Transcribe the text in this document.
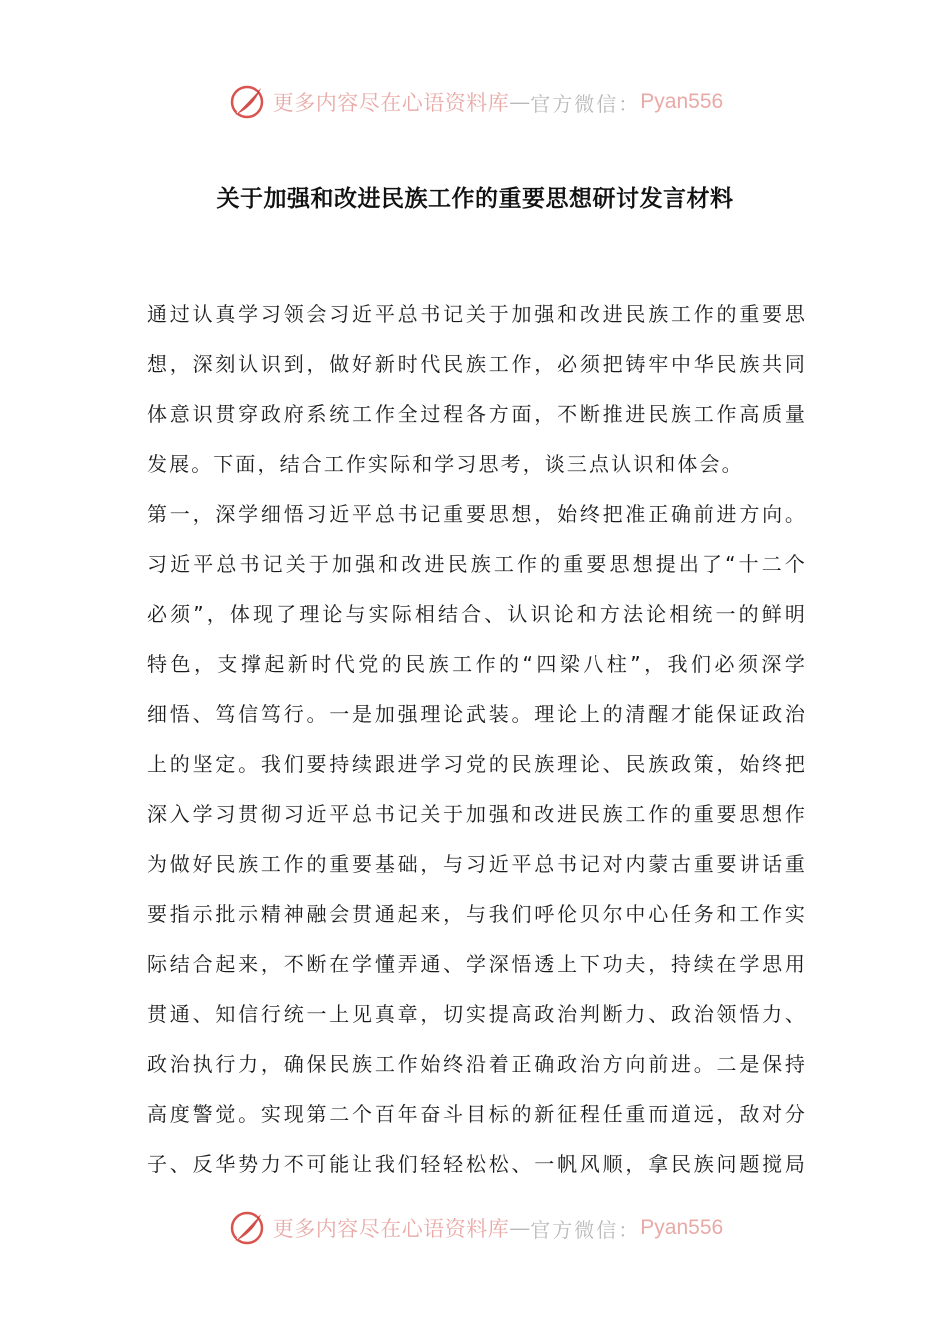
更多内容尽在心语资料库 — 官方微信： Pyan556
关于加强和改进民族工作的重要思想研讨发言材料
通过认真学习领会习近平总书记关于加强和改进民族工作的重要思
想，深刻认识到，做好新时代民族工作，必须把铸牢中华民族共同
体意识贯穿政府系统工作全过程各方面，不断推进民族工作高质量
发展。下面，结合工作实际和学习思考，谈三点认识和体会。
第一，深学细悟习近平总书记重要思想，始终把准正确前进方向。
习近平总书记关于加强和改进民族工作的重要思想提出了“十二个
必须”，体现了理论与实际相结合、认识论和方法论相统一的鲜明
特色，支撑起新时代党的民族工作的“四梁八柱”，我们必须深学
细悟、笃信笃行。一是加强理论武装。理论上的清醒才能保证政治
上的坚定。我们要持续跟进学习党的民族理论、民族政策，始终把
深入学习贯彻习近平总书记关于加强和改进民族工作的重要思想作
为做好民族工作的重要基础，与习近平总书记对内蒙古重要讲话重
要指示批示精神融会贯通起来，与我们呼伦贝尔中心任务和工作实
际结合起来，不断在学懂弄通、学深悟透上下功夫，持续在学思用
贯通、知信行统一上见真章，切实提高政治判断力、政治领悟力、
政治执行力，确保民族工作始终沿着正确政治方向前进。二是保持
高度警觉。实现第二个百年奋斗目标的新征程任重而道远，敌对分
子、反华势力不可能让我们轻轻松松、一帆风顺，拿民族问题搅局
更多内容尽在心语资料库 — 官方微信： Pyan556
